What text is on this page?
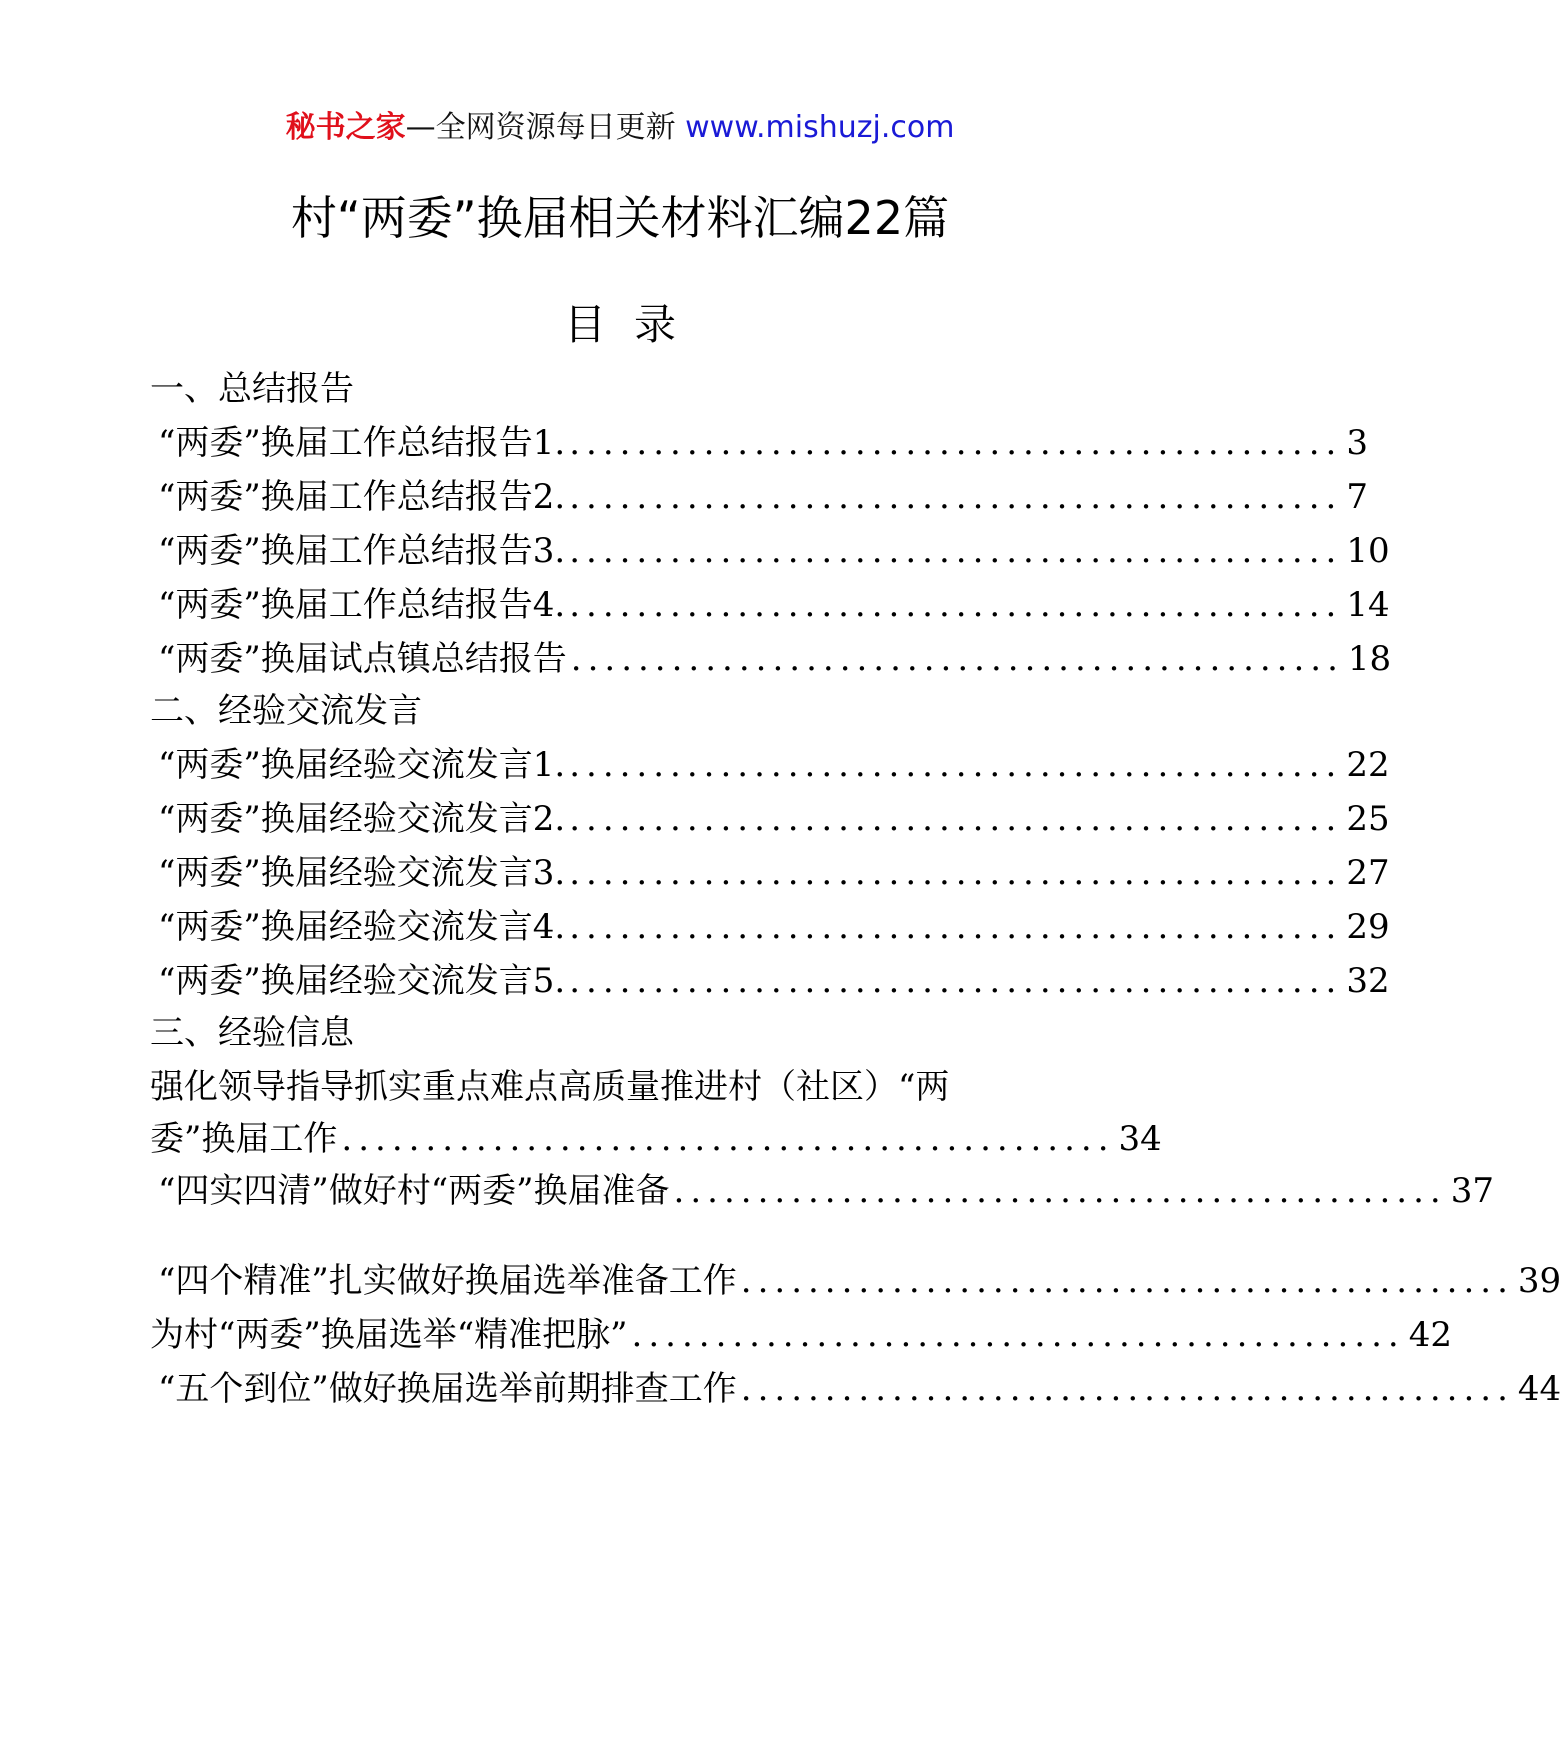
秘书之家—全网资源每日更新 www.mishuzj.com
村“两委”换届相关材料汇编22篇
目录
一、总结报告
“两委”换届工作总结报告1. .............................................. 3
“两委”换届工作总结报告2. .............................................. 7
“两委”换届工作总结报告3. .............................................. 10
“两委”换届工作总结报告4. .............................................. 14
“两委”换届试点镇总结报告 .............................................. 18
二、经验交流发言
“两委”换届经验交流发言1. .............................................. 22
“两委”换届经验交流发言2. .............................................. 25
“两委”换届经验交流发言3. .............................................. 27
“两委”换届经验交流发言4. .............................................. 29
“两委”换届经验交流发言5. .............................................. 32
三、经验信息
强化领导指导抓实重点难点高质量推进村（社区）“两
委”换届工作 .............................................. 34
“四实四清”做好村“两委”换届准备 .............................................. 37
“四个精准”扎实做好换届选举准备工作 .............................................. 39
为村“两委”换届选举“精准把脉” .............................................. 42
“五个到位”做好换届选举前期排查工作 .............................................. 44
